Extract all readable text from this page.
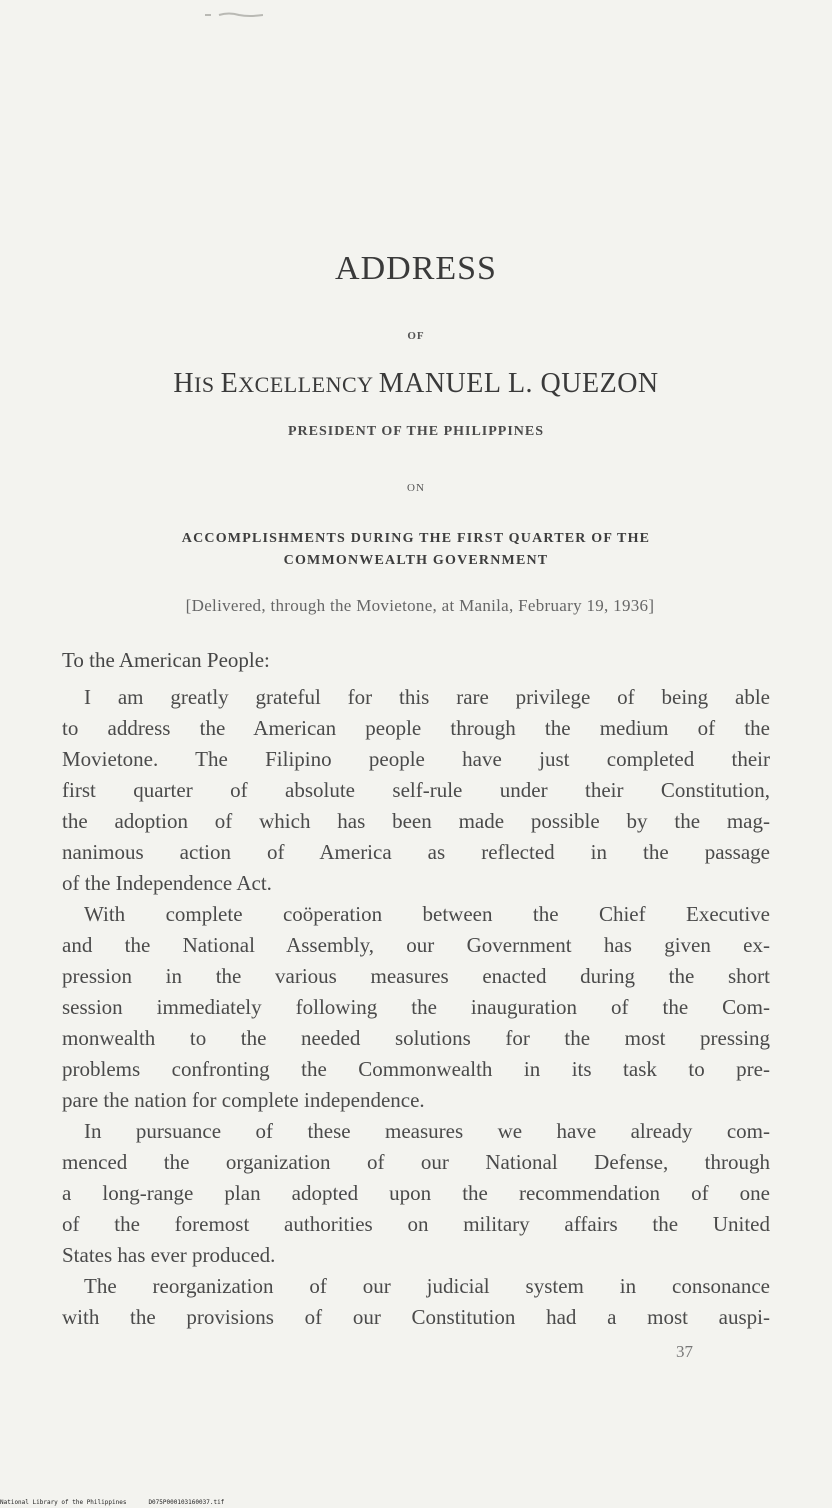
ADDRESS
OF
HIS EXCELLENCY MANUEL L. QUEZON
PRESIDENT OF THE PHILIPPINES
ON
ACCOMPLISHMENTS DURING THE FIRST QUARTER OF THE
COMMONWEALTH GOVERNMENT
[Delivered, through the Movietone, at Manila, February 19, 1936]
To the American People:
I am greatly grateful for this rare privilege of being able
to address the American people through the medium of the
Movietone. The Filipino people have just completed their
first quarter of absolute self-rule under their Constitution,
the adoption of which has been made possible by the mag-
nanimous action of America as reflected in the passage
of the Independence Act.
With complete coöperation between the Chief Executive
and the National Assembly, our Government has given ex-
pression in the various measures enacted during the short
session immediately following the inauguration of the Com-
monwealth to the needed solutions for the most pressing
problems confronting the Commonwealth in its task to pre-
pare the nation for complete independence.
In pursuance of these measures we have already com-
menced the organization of our National Defense, through
a long-range plan adopted upon the recommendation of one
of the foremost authorities on military affairs the United
States has ever produced.
The reorganization of our judicial system in consonance
with the provisions of our Constitution had a most auspi-
37
National Library of the Philippines	D075P000103160037.tif
